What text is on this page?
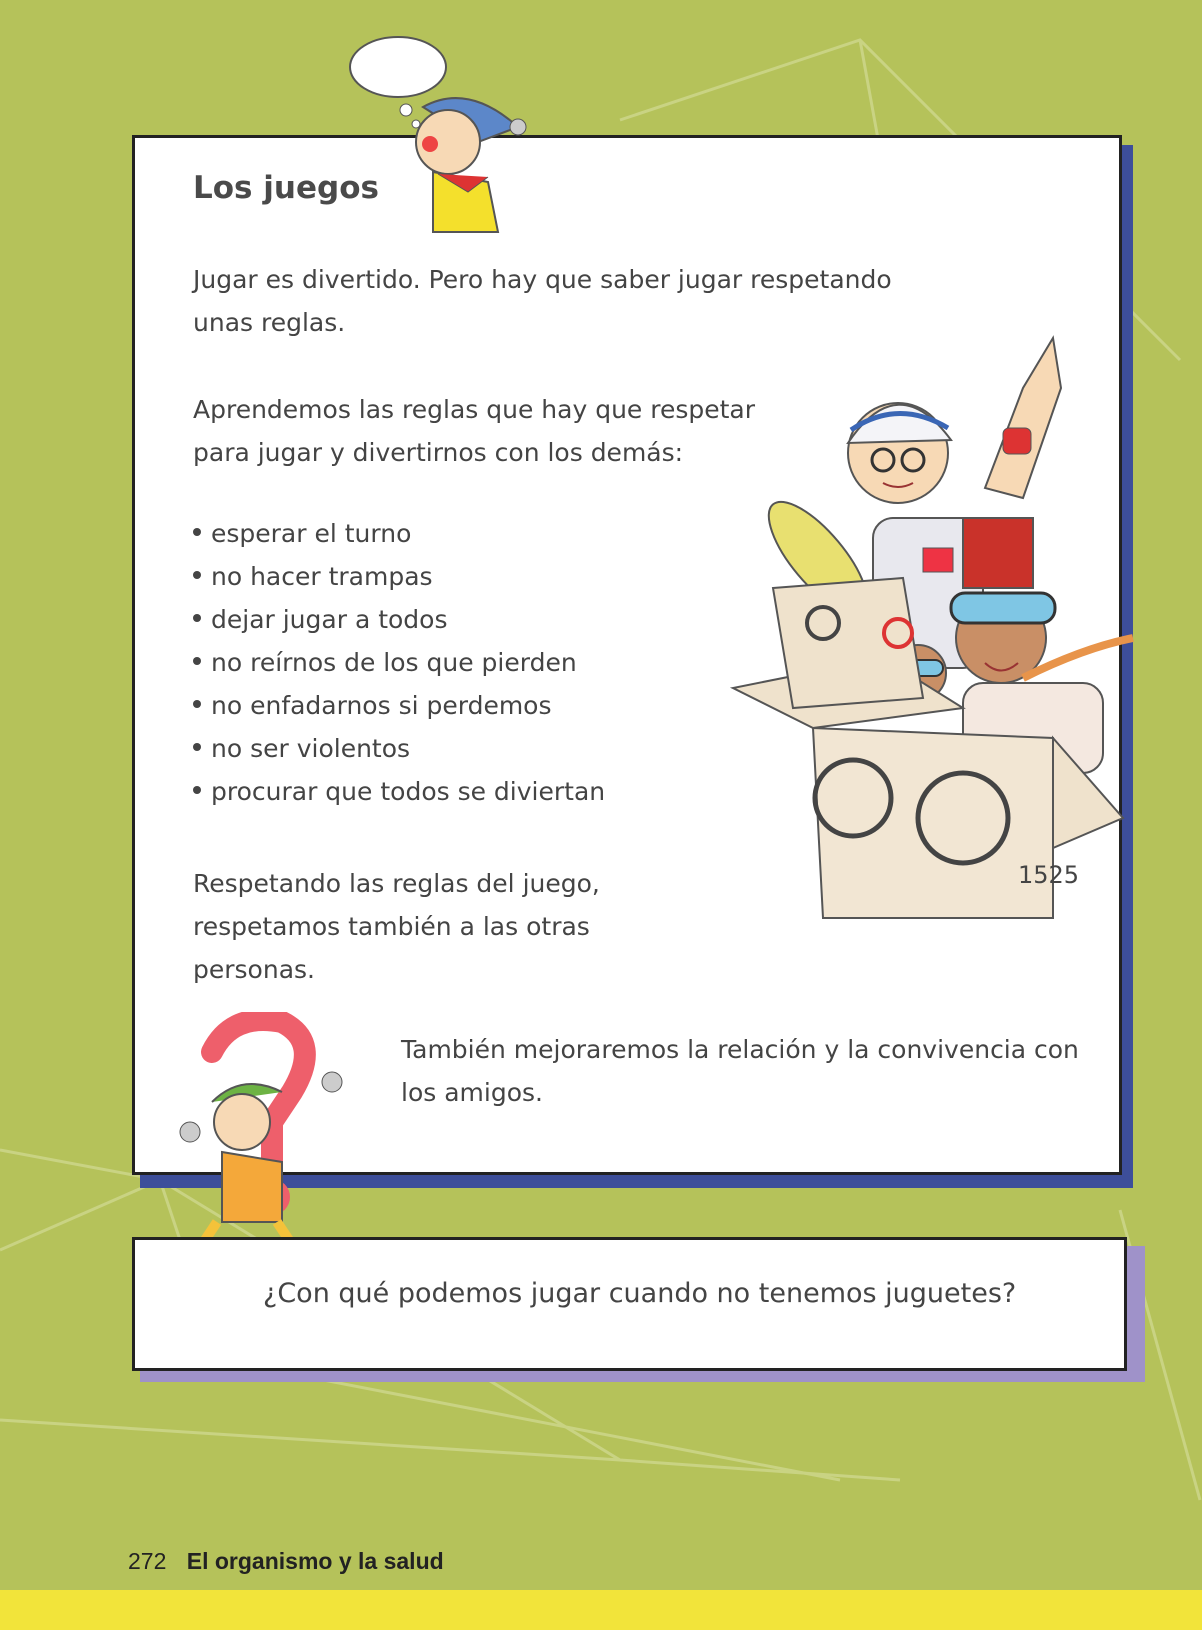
Los juegos

Jugar es divertido. Pero hay que saber jugar respetando unas reglas.

Aprendemos las reglas que hay que respetar para jugar y divertirnos con los demás:

esperar el turno
no hacer trampas
dejar jugar a todos
no reírnos de los que pierden
no enfadarnos si perdemos
no ser violentos
procurar que todos se diviertan

Respetando las reglas del juego, respetamos también a las otras personas.

También mejoraremos la relación y la convivencia con los amigos.

1525

¿Con qué podemos jugar cuando no tenemos juguetes?

272 El organismo y la salud
